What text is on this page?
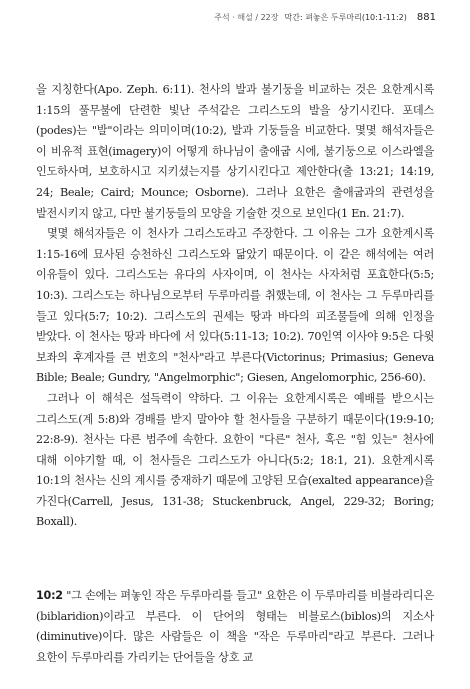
주석 · 해설 / 22장 막간: 펴놓은 두루마리(10:1-11:2) 881

을 지칭한다(Apo. Zeph. 6:11). 천사의 발과 불기둥을 비교하는 것은 요한계시록 1:15의 풀무불에 단련한 빛난 주석같은 그리스도의 발을 상기시킨다. 포데스(podes)는 "발"이라는 의미이며(10:2), 발과 기둥들을 비교한다. 몇몇 해석자들은 이 비유적 표현(imagery)이 어떻게 하나님이 출애굽 시에, 불기둥으로 이스라엘을 인도하사며, 보호하시고 지키셨는지를 상기시킨다고 제안한다(출 13:21; 14:19, 24; Beale; Caird; Mounce; Osborne). 그러나 요한은 출애굽과의 관련성을 발전시키지 않고, 다만 불기둥들의 모양을 기술한 것으로 보인다(1 En. 21:7).

몇몇 해석자들은 이 천사가 그리스도라고 주장한다. 그 이유는 그가 요한계시록 1:15-16에 묘사된 승천하신 그리스도와 닮았기 때문이다. 이 같은 해석에는 여러 이유들이 있다. 그리스도는 유다의 사자이며, 이 천사는 사자처럼 포효한다(5:5; 10:3). 그리스도는 하나님으로부터 두루마리를 취했는데, 이 천사는 그 두루마리를 들고 있다(5:7; 10:2). 그리스도의 권세는 땅과 바다의 피조물들에 의해 인정을 받았다. 이 천사는 땅과 바다에 서 있다(5:11-13; 10:2). 70인역 이사야 9:5은 다윗 보좌의 후계자를 큰 번호의 "천사"라고 부른다(Victorinus; Primasius; Geneva Bible; Beale; Gundry, "Angelmorphic"; Giesen, Angelomorphic, 256-60).

그러나 이 해석은 설득력이 약하다. 그 이유는 요한계시록은 예배를 받으시는 그리스도(계 5:8)와 경배를 받지 말아야 할 천사들을 구분하기 때문이다(19:9-10; 22:8-9). 천사는 다른 범주에 속한다. 요한이 "다른" 천사, 혹은 "힘 있는" 천사에 대해 이야기할 때, 이 천사들은 그리스도가 아니다(5:2; 18:1, 21). 요한계시록 10:1의 천사는 신의 계시를 중재하기 때문에 고양된 모습(exalted appearance)을 가진다(Carrell, Jesus, 131-38; Stuckenbruck, Angel, 229-32; Boring; Boxall).

10:2 "그 손에는 펴놓인 작은 두루마리를 들고" 요한은 이 두루마리를 비블라리디온(biblaridion)이라고 부른다. 이 단어의 형태는 비블로스(biblos)의 지소사(diminutive)이다. 많은 사람들은 이 책을 "작은 두루마리"라고 부른다. 그러나 요한이 두루마리를 가리키는 단어들을 상호 교
